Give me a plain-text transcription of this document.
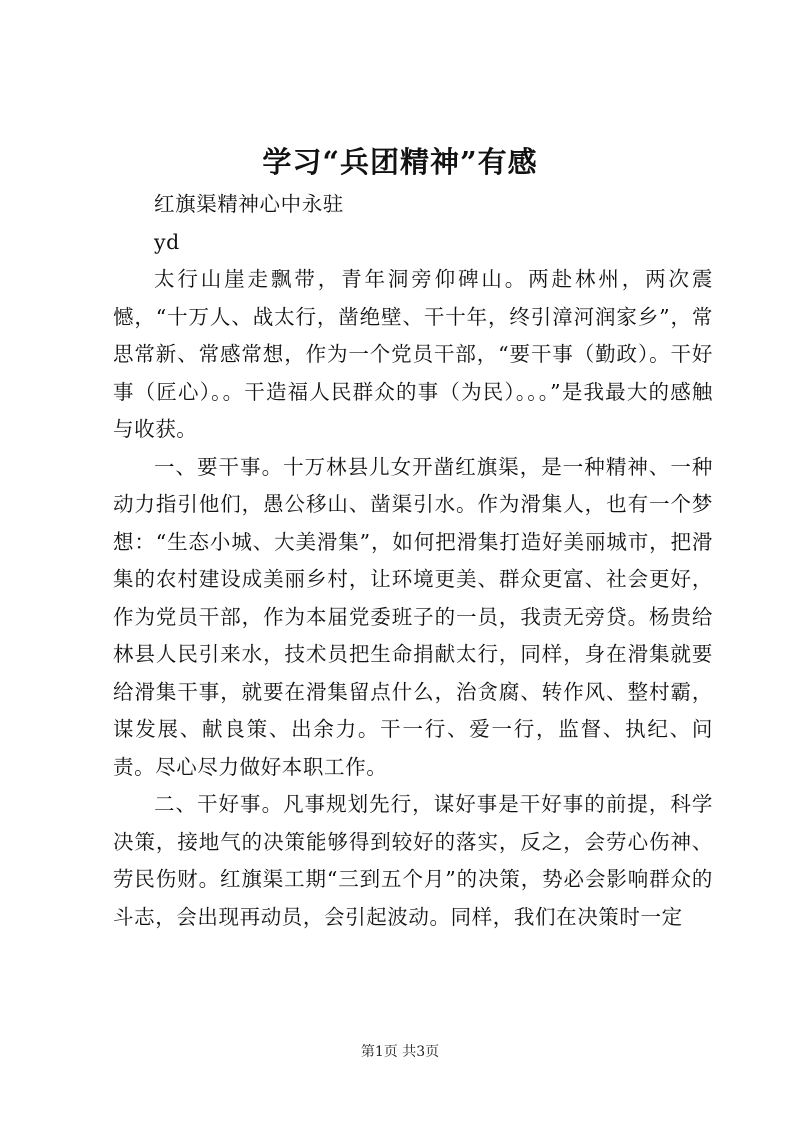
学习“兵团精神”有感

红旗渠精神心中永驻

yd

太行山崖走飘带，青年洞旁仰碑山。两赴林州，两次震憾，“十万人、战太行，凿绝壁、干十年，终引漳河润家乡”，常思常新、常感常想，作为一个党员干部，“要干事（勤政）。干好事（匠心）。。干造福人民群众的事（为民）。。。”是我最大的感触与收获。

一、要干事。十万林县儿女开凿红旗渠，是一种精神、一种动力指引他们，愚公移山、凿渠引水。作为滑集人，也有一个梦想：“生态小城、大美滑集”，如何把滑集打造好美丽城市，把滑集的农村建设成美丽乡村，让环境更美、群众更富、社会更好，作为党员干部，作为本届党委班子的一员，我责无旁贷。杨贵给林县人民引来水，技术员把生命捐献太行，同样，身在滑集就要给滑集干事，就要在滑集留点什么，治贪腐、转作风、整村霸，谋发展、献良策、出余力。干一行、爱一行，监督、执纪、问责。尽心尽力做好本职工作。

二、干好事。凡事规划先行，谋好事是干好事的前提，科学决策，接地气的决策能够得到较好的落实，反之，会劳心伤神、劳民伤财。红旗渠工期“三到五个月”的决策，势必会影响群众的斗志，会出现再动员，会引起波动。同样，我们在决策时一定

第1页 共3页
